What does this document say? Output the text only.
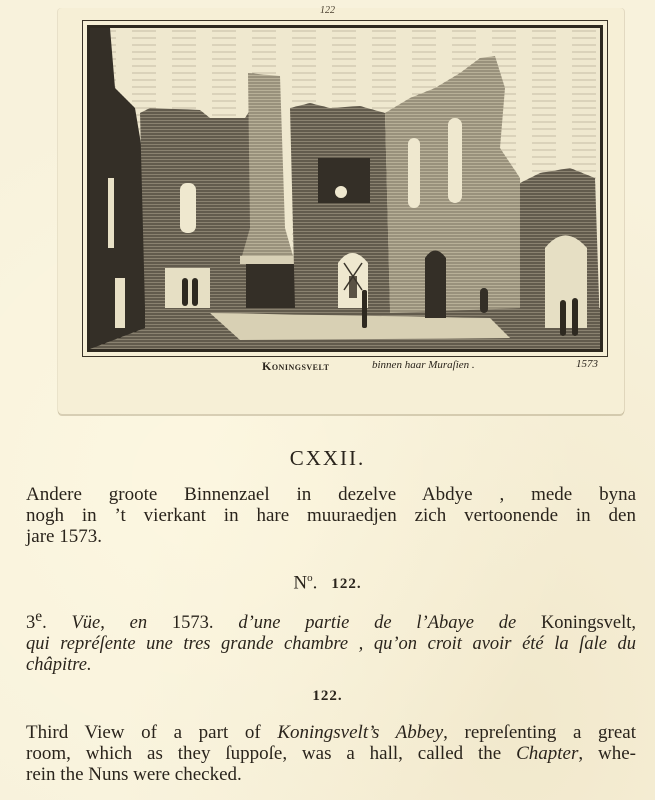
122
Koningsvelt	binnen haar Muraſien .	1573
CXXII.
Andere groote Binnenzael in dezelve Abdye , mede byna
nogh in ’t vierkant in hare muuraedjen zich vertoonende in den
jare 1573.
$N^o$. 122.
3e. Vüe, en 1573. d’une partie de l’Abaye de Koningsvelt,
qui repréſente une tres grande chambre , qu’on croit avoir été la ſale du
châpitre.
122.
Third View of a part of Koningsvelt’s Abbey, repreſenting a great
room, which as they ſuppoſe, was a hall, called the Chapter, whe-
rein the Nuns were checked.
